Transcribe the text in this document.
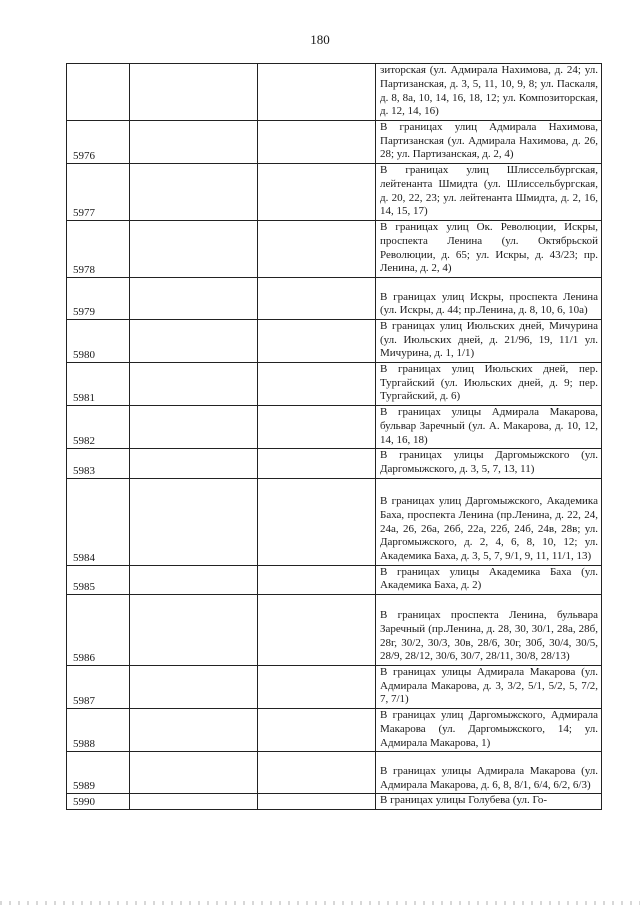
180
			зиторская (ул. Адмирала Нахимова, д. 24; ул. Партизанская, д. 3, 5, 11, 10, 9, 8; ул. Паскаля, д. 8, 8а, 10, 14, 16, 18, 12; ул. Композиторская, д. 12, 14, 16)
5976			В границах улиц Адмирала Нахимова, Партизанская (ул. Адмирала Нахимова, д. 26, 28; ул. Партизанская, д. 2, 4)
5977			В границах улиц Шлиссельбургская, лейтенанта Шмидта (ул. Шлиссельбургская, д. 20, 22, 23; ул. лейтенанта Шмидта, д. 2, 16, 14, 15, 17)
5978			В границах улиц Ок. Революции, Искры, проспекта Ленина (ул. Октябрьской Революции, д. 65; ул. Искры, д. 43/23; пр. Ленина, д. 2, 4)
5979			В границах улиц Искры, проспекта Ленина (ул. Искры, д. 44; пр.Ленина, д. 8, 10, 6, 10а)
5980			В границах улиц Июльских дней, Мичурина (ул. Июльских дней, д. 21/96, 19, 11/1 ул. Мичурина, д. 1, 1/1)
5981			В границах улиц Июльских дней, пер. Тургайский (ул. Июльских дней, д. 9; пер. Тургайский, д. 6)
5982			В границах улицы Адмирала Макарова, бульвар Заречный (ул. А. Макарова, д. 10, 12, 14, 16, 18)
5983			В границах улицы Даргомыжского (ул. Даргомыжского, д. 3, 5, 7, 13, 11)
5984			В границах улиц Даргомыжского, Академика Баха, проспекта Ленина (пр.Ленина, д. 22, 24, 24а, 26, 26а, 26б, 22а, 22б, 24б, 24в, 28в; ул. Даргомыжского, д. 2, 4, 6, 8, 10, 12; ул. Академика Баха, д. 3, 5, 7, 9/1, 9, 11, 11/1, 13)
5985			В границах улицы Академика Баха (ул. Академика Баха, д. 2)
5986			В границах проспекта Ленина, бульвара Заречный (пр.Ленина, д. 28, 30, 30/1, 28а, 28б, 28г, 30/2, 30/3, 30в, 28/6, 30г, 30б, 30/4, 30/5, 28/9, 28/12, 30/6, 30/7, 28/11, 30/8, 28/13)
5987			В границах улицы Адмирала Макарова (ул. Адмирала Макарова, д. 3, 3/2, 5/1, 5/2, 5, 7/2, 7, 7/1)
5988			В границах улиц Даргомыжского, Адмирала Макарова (ул. Даргомыжского, 14; ул. Адмирала Макарова, 1)
5989			В границах улицы Адмирала Макарова (ул. Адмирала Макарова, д. 6, 8, 8/1, 6/4, 6/2, 6/3)
5990			В границах улицы Голубева (ул. Го-
